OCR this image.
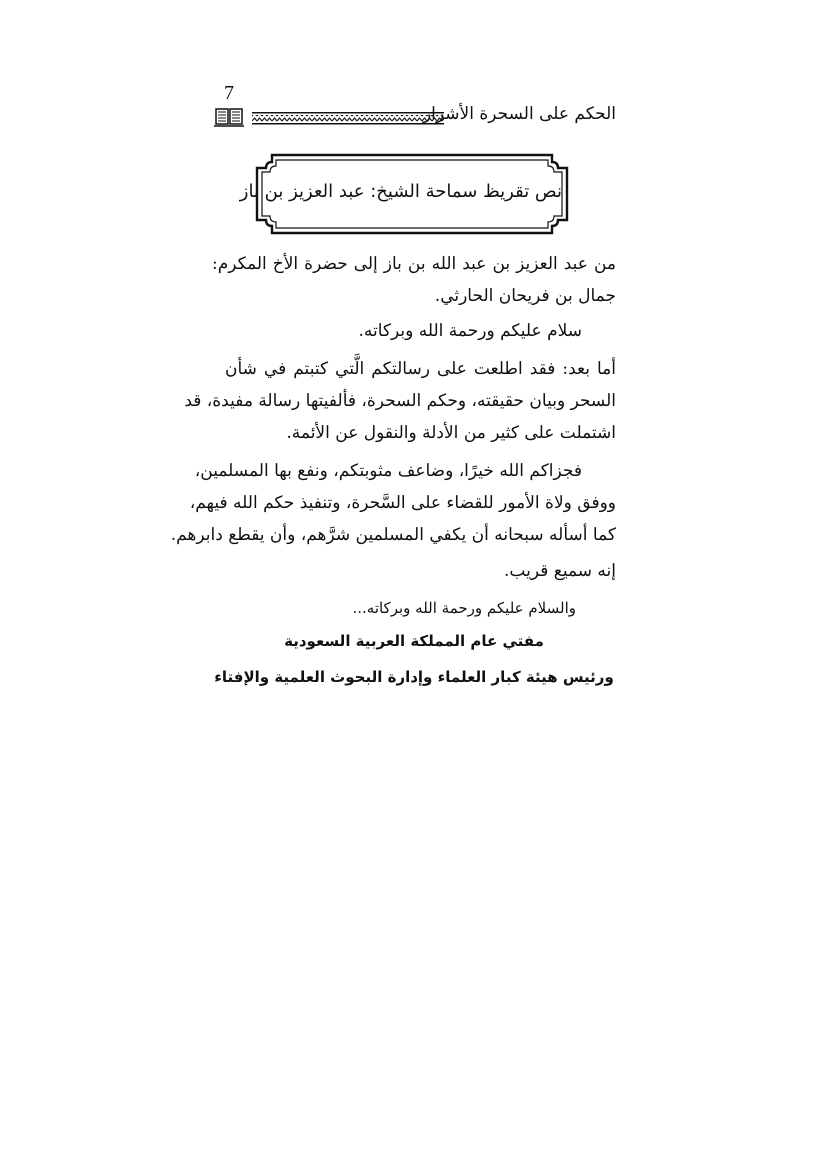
7
الحكم على السحرة الأشرار
نص تقريظ سماحة الشيخ: عبد العزيز بن باز
من عبد العزيز بن عبد الله بن باز إلى حضرة الأخ المكرم:
جمال بن فريحان الحارثي.
سلام عليكم ورحمة الله وبركاته.
أما بعد: فقد اطلعت على رسالتكم الَّتي كتبتم في شأن
السحر وبيان حقيقته، وحكم السحرة، فألفيتها رسالة مفيدة، قد
اشتملت على كثير من الأدلة والنقول عن الأئمة.
فجزاكم الله خيرًا، وضاعف مثوبتكم، ونفع بها المسلمين،
ووفق ولاة الأمور للقضاء على السَّحرة، وتنفيذ حكم الله فيهم،
كما أسأله سبحانه أن يكفي المسلمين شرَّهم، وأن يقطع دابرهم.
إنه سميع قريب.
والسلام عليكم ورحمة الله وبركاته...
مفتي عام المملكة العربية السعودية
ورئيس هيئة كبار العلماء وإدارة البحوث العلمية والإفتاء
